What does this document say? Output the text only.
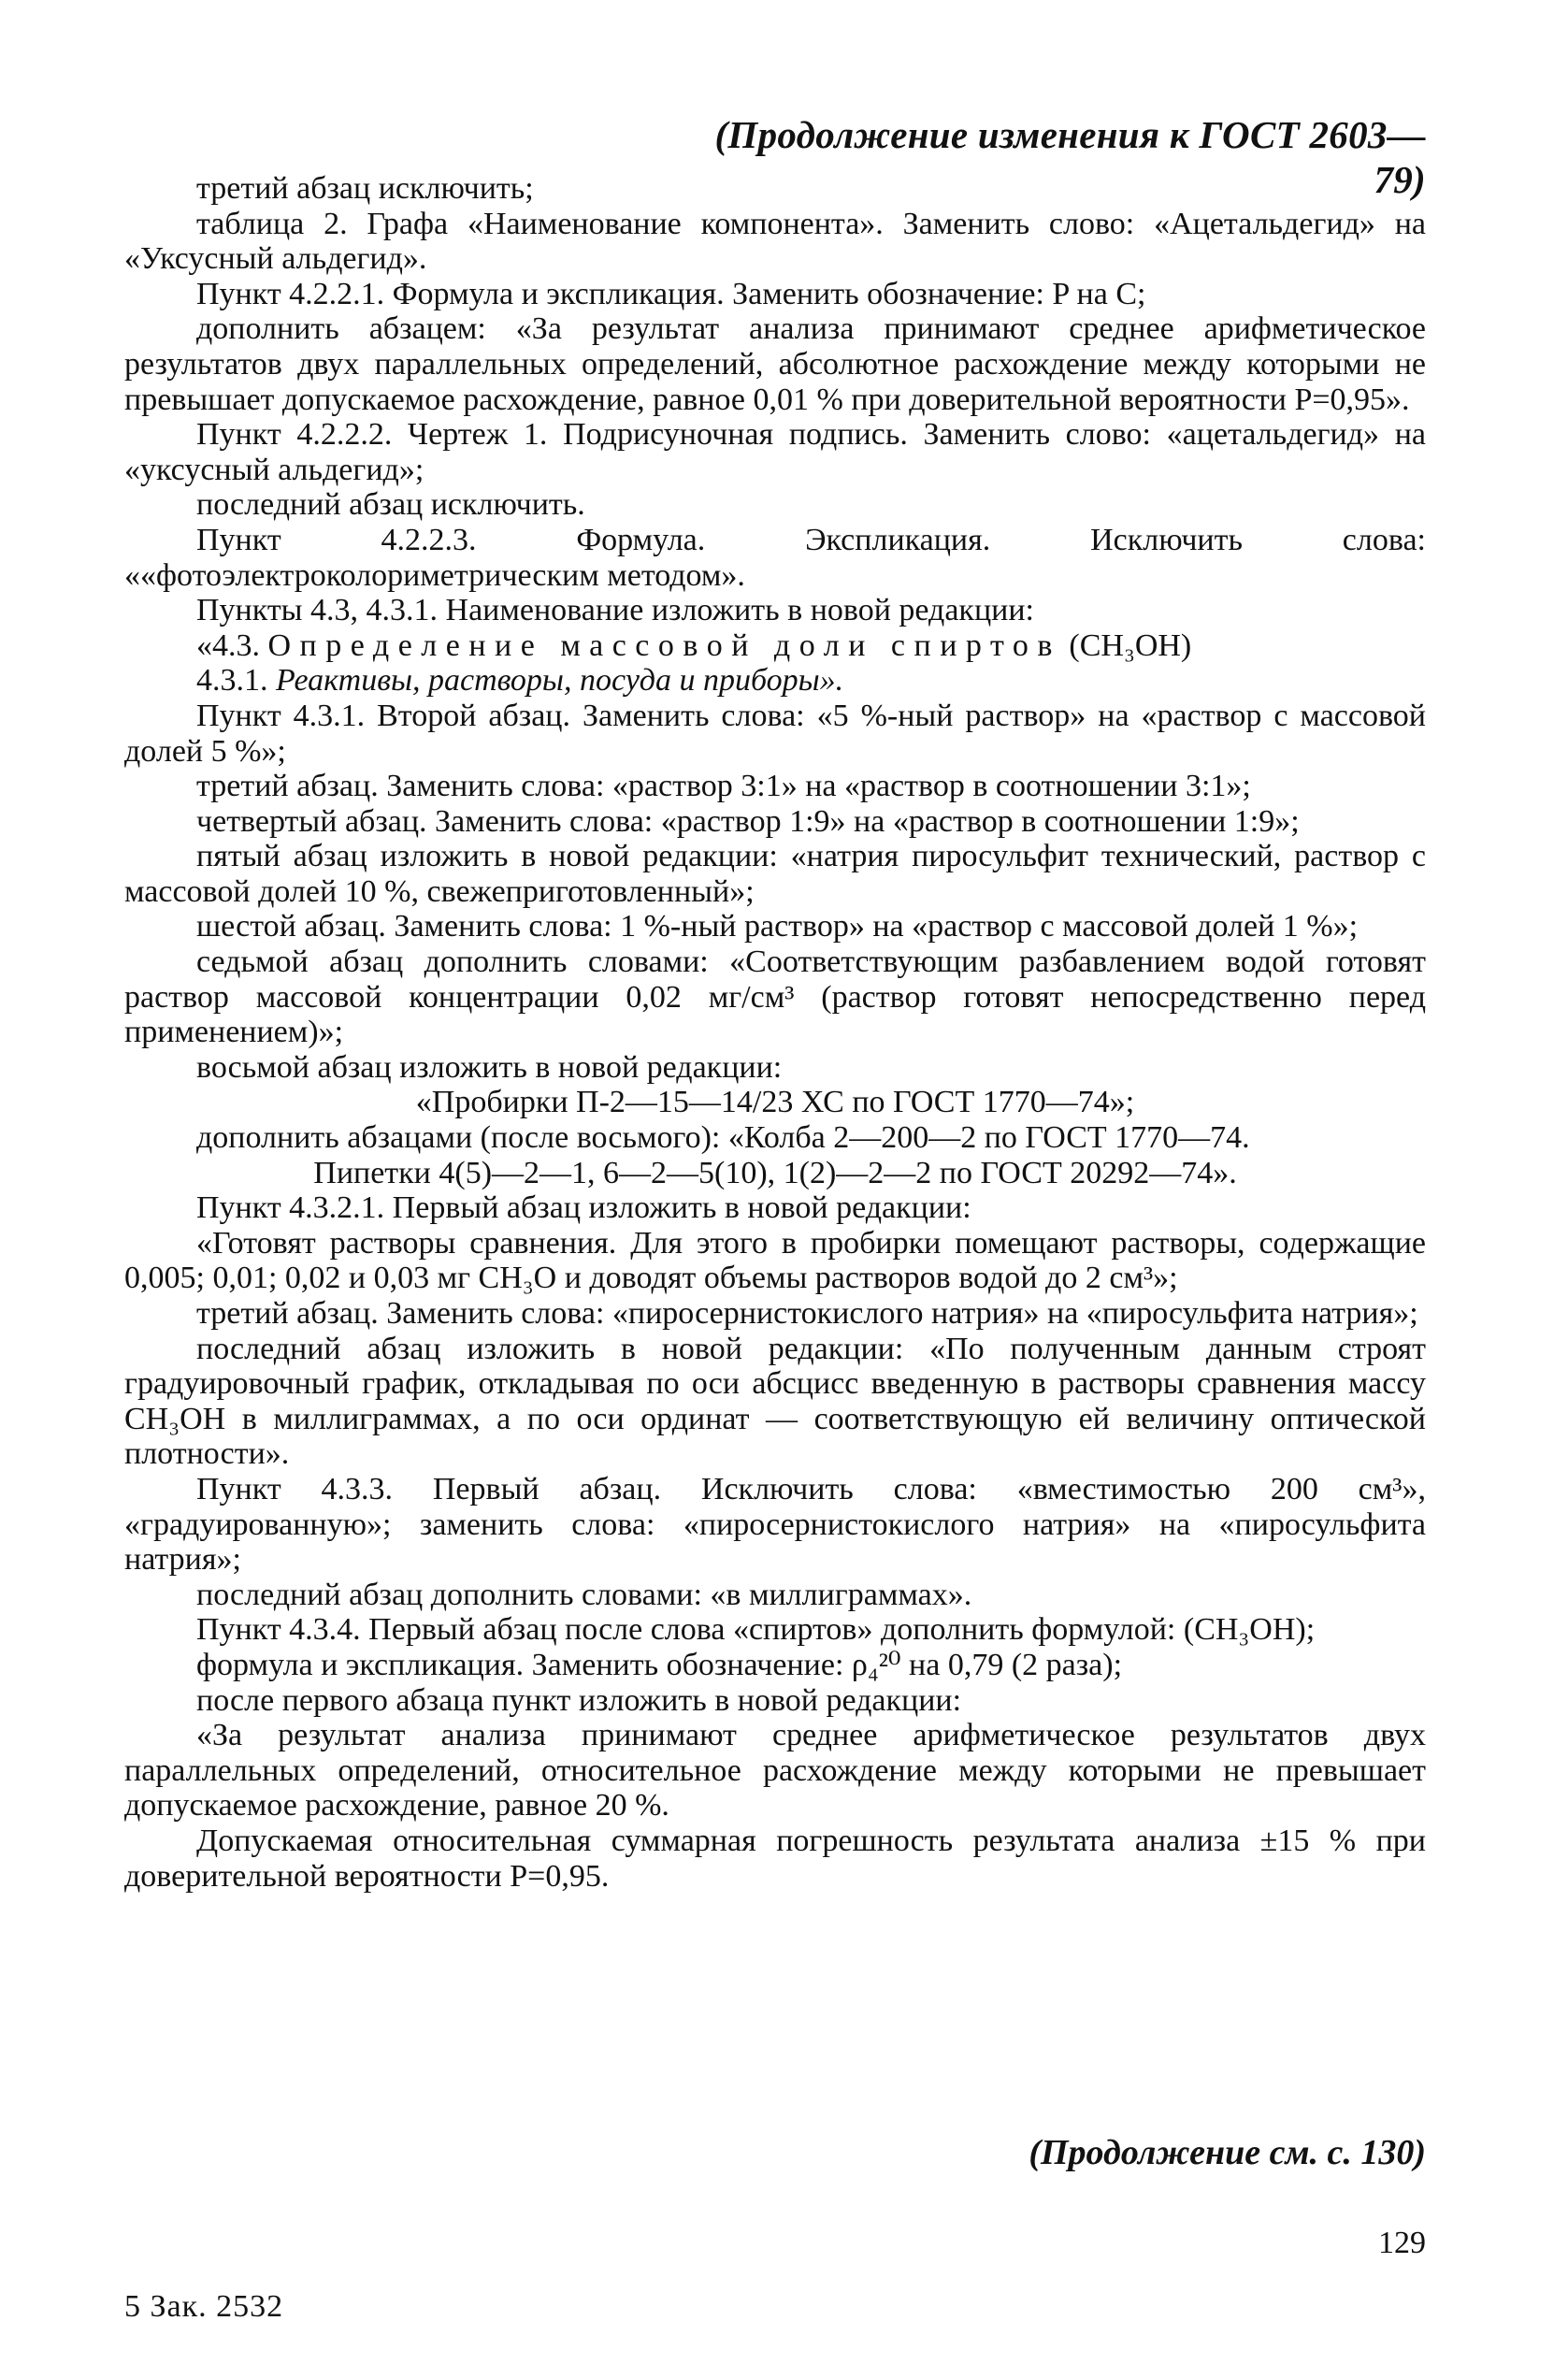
(Продолжение изменения к ГОСТ 2603—79)

третий абзац исключить;

таблица 2. Графа «Наименование компонента». Заменить слово: «Ацетальдегид» на «Уксусный альдегид».

Пункт 4.2.2.1. Формула и экспликация. Заменить обозначение: P на C;

дополнить абзацем: «За результат анализа принимают среднее арифметическое результатов двух параллельных определений, абсолютное расхождение между которыми не превышает допускаемое расхождение, равное 0,01 % при доверительной вероятности P=0,95».

Пункт 4.2.2.2. Чертеж 1. Подрисуночная подпись. Заменить слово: «ацетальдегид» на «уксусный альдегид»;

последний абзац исключить.

Пункт 4.2.2.3. Формула. Экспликация. Исключить слова: ««фотоэлектроколориметрическим методом».

Пункты 4.3, 4.3.1. Наименование изложить в новой редакции:

«4.3. Определение массовой доли спиртов (CH₃OH)

4.3.1. Реактивы, растворы, посуда и приборы».

Пункт 4.3.1. Второй абзац. Заменить слова: «5 %-ный раствор» на «раствор с массовой долей 5 %»;

третий абзац. Заменить слова: «раствор 3:1» на «раствор в соотношении 3:1»;

четвертый абзац. Заменить слова: «раствор 1:9» на «раствор в соотношении 1:9»;

пятый абзац изложить в новой редакции: «натрия пиросульфит технический, раствор с массовой долей 10 %, свежеприготовленный»;

шестой абзац. Заменить слова: 1 %-ный раствор» на «раствор с массовой долей 1 %»;

седьмой абзац дополнить словами: «Соответствующим разбавлением водой готовят раствор массовой концентрации 0,02 мг/см³ (раствор готовят непосредственно перед применением)»;

восьмой абзац изложить в новой редакции:

«Пробирки П-2—15—14/23 ХС по ГОСТ 1770—74»;

дополнить абзацами (после восьмого): «Колба 2—200—2 по ГОСТ 1770—74.

Пипетки 4(5)—2—1, 6—2—5(10), 1(2)—2—2 по ГОСТ 20292—74».

Пункт 4.3.2.1. Первый абзац изложить в новой редакции:

«Готовят растворы сравнения. Для этого в пробирки помещают растворы, содержащие 0,005; 0,01; 0,02 и 0,03 мг CH₃O и доводят объемы растворов водой до 2 см³»;

третий абзац. Заменить слова: «пиросернистокислого натрия» на «пиросульфита натрия»;

последний абзац изложить в новой редакции: «По полученным данным строят градуировочный график, откладывая по оси абсцисс введенную в растворы сравнения массу CH₃OH в миллиграммах, а по оси ординат — соответствующую ей величину оптической плотности».

Пункт 4.3.3. Первый абзац. Исключить слова: «вместимостью 200 см³», «градуированную»; заменить слова: «пиросернистокислого натрия» на «пиросульфита натрия»;

последний абзац дополнить словами: «в миллиграммах».

Пункт 4.3.4. Первый абзац после слова «спиртов» дополнить формулой: (CH₃OH);

формула и экспликация. Заменить обозначение: ρ₄²⁰ на 0,79 (2 раза);

после первого абзаца пункт изложить в новой редакции:

«За результат анализа принимают среднее арифметическое результатов двух параллельных определений, относительное расхождение между которыми не превышает допускаемое расхождение, равное 20 %.

Допускаемая относительная суммарная погрешность результата анализа ±15 % при доверительной вероятности P=0,95.

(Продолжение см. с. 130)
129
5 Зак. 2532
